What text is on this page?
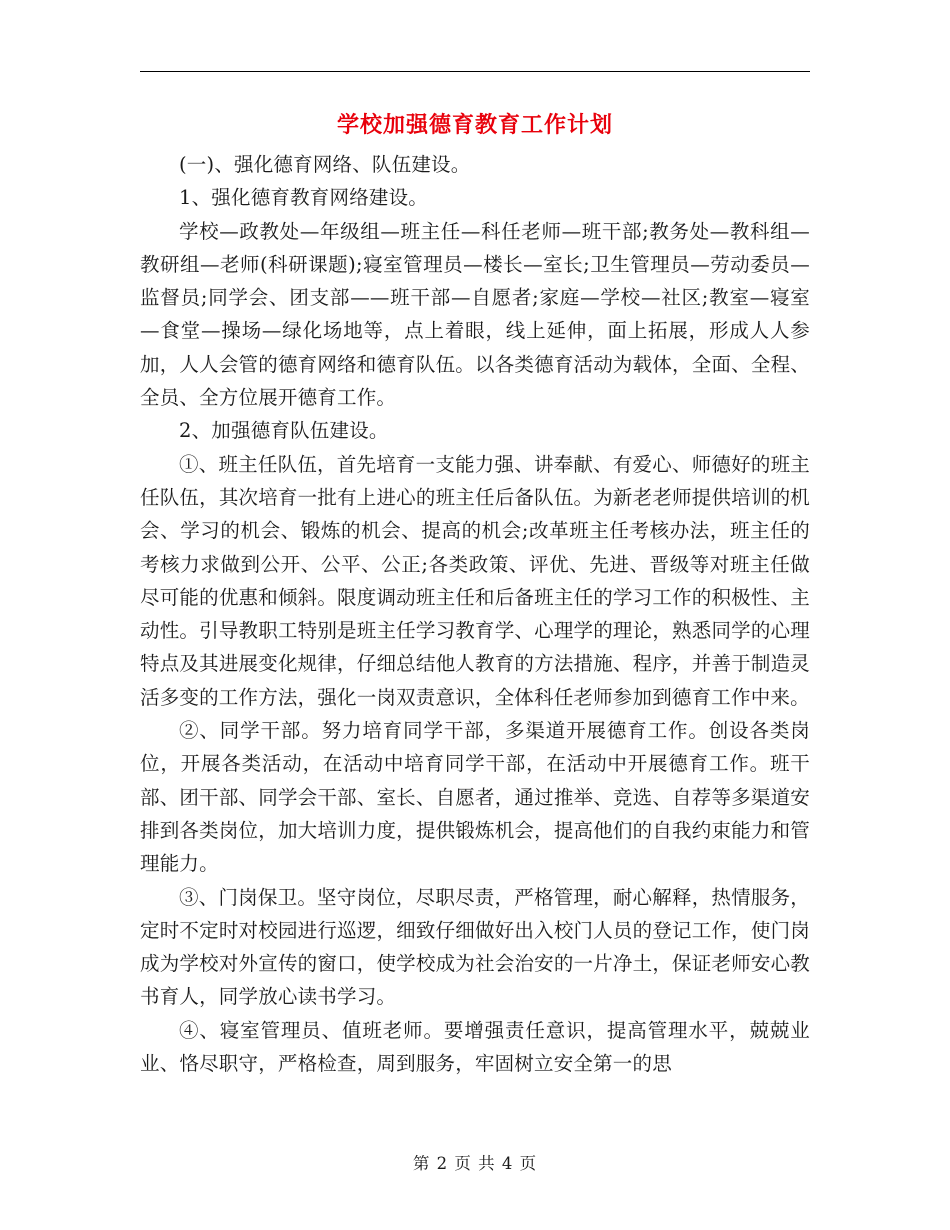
学校加强德育教育工作计划

(一)、强化德育网络、队伍建设。

1、强化德育教育网络建设。

学校—政教处—年级组—班主任—科任老师—班干部;教务处—教科组—教研组—老师(科研课题);寝室管理员—楼长—室长;卫生管理员—劳动委员—监督员;同学会、团支部——班干部—自愿者;家庭—学校—社区;教室—寝室—食堂—操场—绿化场地等，点上着眼，线上延伸，面上拓展，形成人人参加，人人会管的德育网络和德育队伍。以各类德育活动为载体，全面、全程、全员、全方位展开德育工作。

2、加强德育队伍建设。

①、班主任队伍，首先培育一支能力强、讲奉献、有爱心、师德好的班主任队伍，其次培育一批有上进心的班主任后备队伍。为新老老师提供培训的机会、学习的机会、锻炼的机会、提高的机会;改革班主任考核办法，班主任的考核力求做到公开、公平、公正;各类政策、评优、先进、晋级等对班主任做尽可能的优惠和倾斜。限度调动班主任和后备班主任的学习工作的积极性、主动性。引导教职工特别是班主任学习教育学、心理学的理论，熟悉同学的心理特点及其进展变化规律，仔细总结他人教育的方法措施、程序，并善于制造灵活多变的工作方法，强化一岗双责意识，全体科任老师参加到德育工作中来。

②、同学干部。努力培育同学干部，多渠道开展德育工作。创设各类岗位，开展各类活动，在活动中培育同学干部，在活动中开展德育工作。班干部、团干部、同学会干部、室长、自愿者，通过推举、竞选、自荐等多渠道安排到各类岗位，加大培训力度，提供锻炼机会，提高他们的自我约束能力和管理能力。

③、门岗保卫。坚守岗位，尽职尽责，严格管理，耐心解释，热情服务，定时不定时对校园进行巡逻，细致仔细做好出入校门人员的登记工作，使门岗成为学校对外宣传的窗口，使学校成为社会治安的一片净土，保证老师安心教书育人，同学放心读书学习。

④、寝室管理员、值班老师。要增强责任意识，提高管理水平，兢兢业业、恪尽职守，严格检查，周到服务，牢固树立安全第一的思

第 2 页 共 4 页
